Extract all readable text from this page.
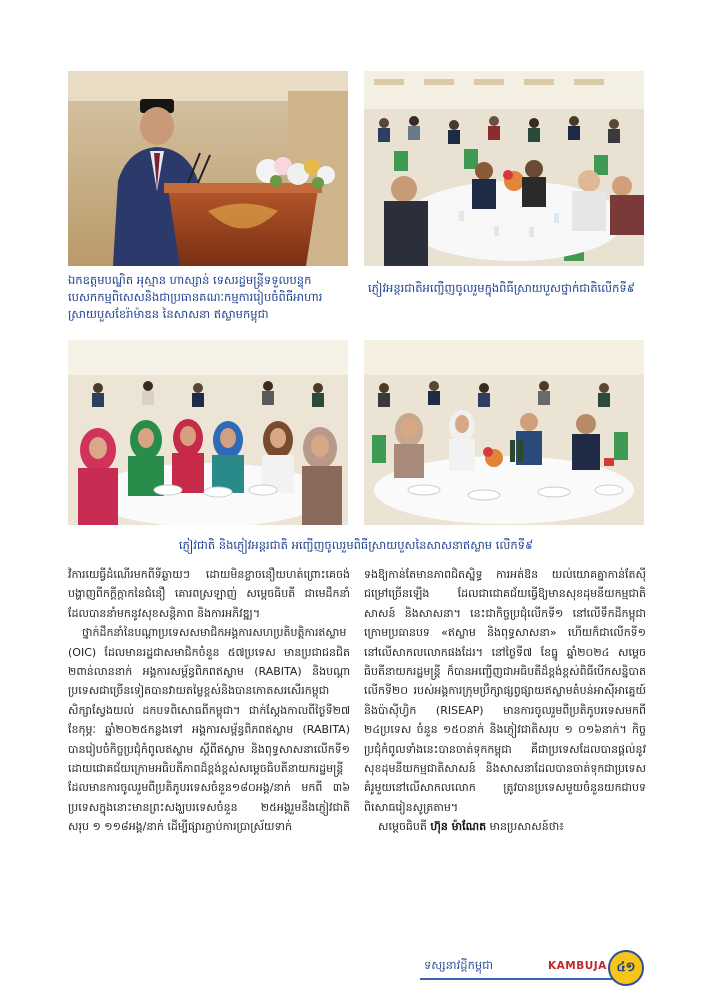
ឯកឧត្តមបណ្ឌិត អុស្មាន ហាស្សាន់ ទេសរដ្ឋមន្ត្រីទទួលបន្ទុកបេសកកម្មពិសេសនិងជាប្រធានគណៈកម្មការរៀបចំពិធីអាហារស្រាយបួសខែរ៉ាម៉ាឌន នៃសាសនា ឥស្លាមកម្ពុជា
ភ្ញៀវអន្តរជាតិអញ្ជើញចូលរួមក្នុងពិធីស្រាយបួសថ្នាក់ជាតិលើកទី៩
ភ្ញៀវជាតិ និងភ្ញៀវអន្តរជាតិ អញ្ជើញចូលរួមពិធីស្រាយបួសនៃសាសនាឥស្លាម លើកទី៩

វិការយេធ្វីដំណើរមកពីទីឆ្ងាយៗ ដោយមិនខ្លាចនឿយហត់ព្រោះគេចង់បង្ហាញពីកក្តីក្តាកនៃជំនឿ គោរពស្រឡាញ់ សម្តេចធិបតី ជាមេដឹកនាំ ដែលបាននាំមកនូវសុខសន្តិភាព និងការអភិវឌ្ឍ។

ថ្នាក់ដឹកនាំនៃបណ្តាប្រទេសសមាជិកអង្គការសហប្រតិបត្តិការឥស្លាម (OIC) ដែលមានរដ្ឋជាសមាជិកចំនួន ៥៧ប្រទេស មានប្រជាជនជិត ២ពាន់លាននាក់ អង្គការសម្ព័ន្ធពិភពឥស្លាម (RABITA) និងបណ្តាប្រទេសជាច្រើនទៀតបានវាយតម្លៃខ្ពស់និងបានកោតសរសើរកម្ពុជា សិក្សាស្វែងយល់ ដកបទពិសោធពីកម្ពុជា។ ជាក់ស្តែងកាលពីថ្ងៃទី២៧ ខែកុម្ភៈ ឆ្នាំ២០២៥កន្លងទៅ អង្គការសម្ព័ន្ធពិភពឥស្លាម (RABITA) បានរៀបចំកិច្ចប្រជុំកំពូលឥស្លាម ស្តីពីឥស្លាម និងពុទ្ធសាសនាលើកទី១ ដោយជោគជ័យក្រោមអធិបតីភាពដ៏ខ្ពង់ខ្ពស់សម្តេចធិបតីនាយករដ្ឋមន្ត្រី ដែលមានការចូលរួមពីប្រតិភូបរទេសចំនួន១៨០អង្គ/នាក់ មកពី ៣៦ ប្រទេសក្នុងនោះមានព្រះសង្ឃបរទេសចំនួន ២៥អង្គរួមនឹងភ្ញៀវជាតិសរុប ១ ១១៨អង្គ/នាក់ ដើម្បីផ្សារភ្ជាប់ការប្រាស្រ័យទាក់

ទងឱ្យកាន់តែមានភាពជិតស្និទ្ធ ការអត់ឱន យល់យោគគ្នាកាន់តែស៊ីជម្រៅច្រើនឡើង ដែលជាជោគជ័យធ្វើឱ្យមានសុខដុមនីយកម្មជាតិសាសន៍ និងសាសនា។ នេះជាកិច្ចប្រជុំលើកទី១ នៅលើទឹកដីកម្ពុជា ក្រោមប្រធានបទ «ឥស្លាម និងពុទ្ធសាសនា» ហើយក៏ជាលើកទី១ នៅលើសាកលលោកផងដែរ។ នៅថ្ងៃទី៧ ខែធ្នូ ឆ្នាំ២០២៤ សម្តេចធិបតីនាយករដ្ឋមន្ត្រី ក៏បានអញ្ជើញជាអធិបតីដ៏ខ្ពង់ខ្ពស់ពិធីបើកសន្និបាតលើកទី២០ របស់អង្គការក្រុមប្រឹក្សាផ្សព្វផ្សាយឥស្លាមតំបន់អាស៊ីអាគ្នេយ៍ និងប៉ាស៊ីហ្វិក (RISEAP) មានការចូលរួមពីប្រតិភូបរទេសមកពី ២៤ប្រទេស ចំនួន ១៥០នាក់ និងភ្ញៀវជាតិសរុប ១ ០១៦នាក់។ កិច្ចប្រជុំកំពូលទាំងនេះបានចាត់ទុកកម្ពុជា គឺជាប្រទេសដែលបានផ្តល់នូវសុខដុមនីយកម្មជាតិសាសន៍ និងសាសនាដែលបានចាត់ទុកជាប្រទេសគំរូមួយនៅលើសាកលលោក ត្រូវបានប្រទេសមួយចំនួនយកជាបទពិសោធរៀនសូត្រតាម។

សម្តេចធិបតី ហ៊ុន ម៉ាណែត មានប្រសាសន៍ថា៖

ទស្សនាវដ្តីកម្ពុជា	KAMBUJA ៤១
